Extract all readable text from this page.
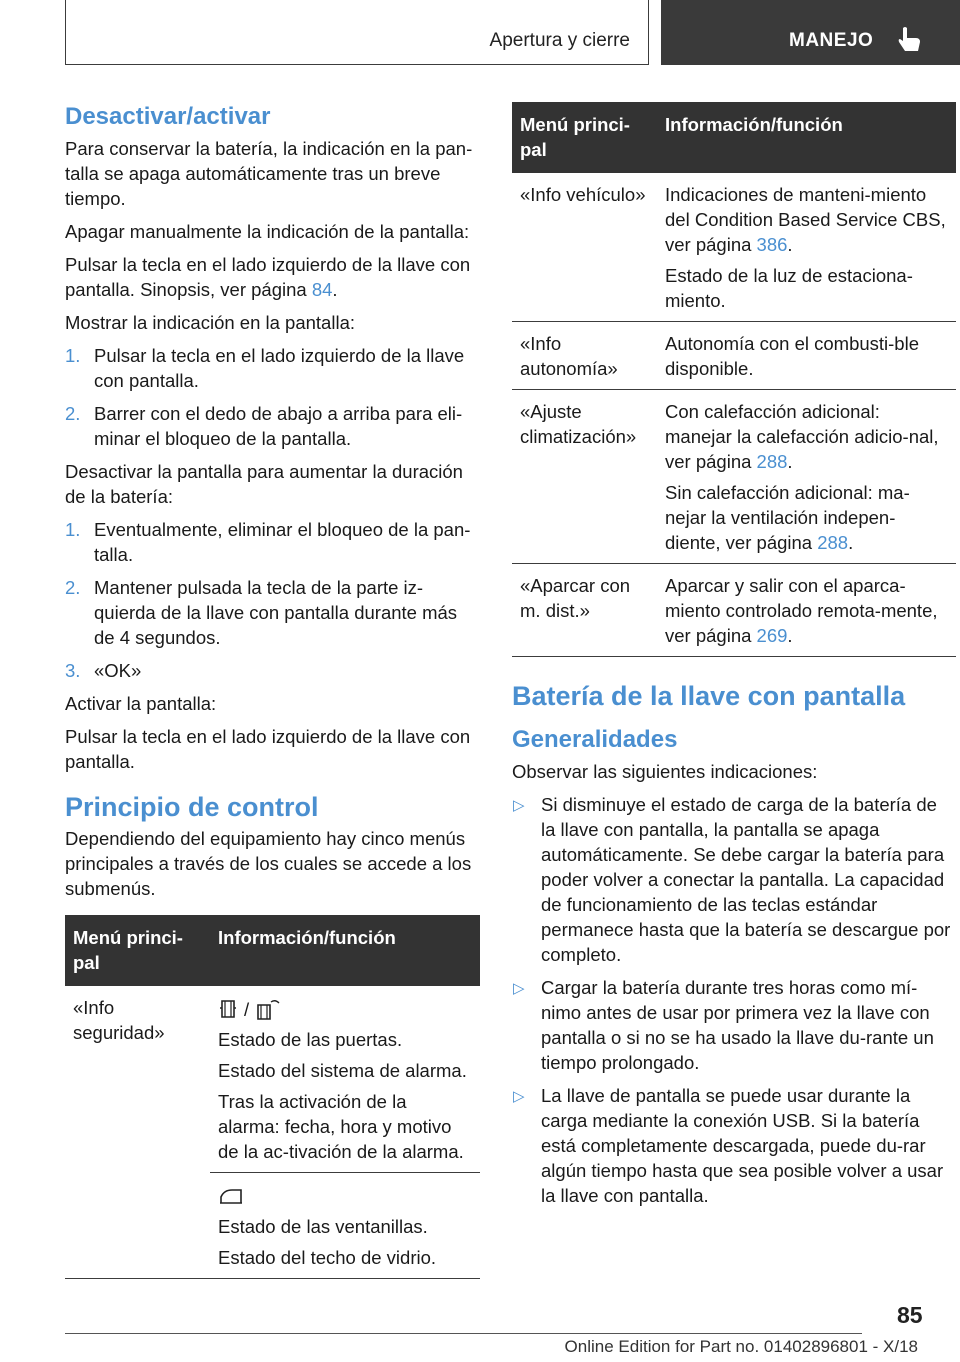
Apertura y cierre	MANEJO
Desactivar/activar

Para conservar la batería, la indicación en la pan-talla se apaga automáticamente tras un breve tiempo.

Apagar manualmente la indicación de la pantalla:

Pulsar la tecla en el lado izquierdo de la llave con pantalla. Sinopsis, ver página 84.

Mostrar la indicación en la pantalla:

1. Pulsar la tecla en el lado izquierdo de la llave con pantalla.
2. Barrer con el dedo de abajo a arriba para eli-minar el bloqueo de la pantalla.

Desactivar la pantalla para aumentar la duración de la batería:

1. Eventualmente, eliminar el bloqueo de la pan-talla.
2. Mantener pulsada la tecla de la parte iz-quierda de la llave con pantalla durante más de 4 segundos.
3. «OK»

Activar la pantalla:

Pulsar la tecla en el lado izquierdo de la llave con pantalla.

Principio de control

Dependiendo del equipamiento hay cinco menús principales a través de los cuales se accede a los submenús.

Menú princi-pal	Información/función
«Info seguridad»	/

Estado de las puertas.

Estado del sistema de alarma.

Tras la activación de la alarma: fecha, hora y motivo de la ac-tivación de la alarma.

	Estado de las ventanillas.

Estado del techo de vidrio.

Menú princi-pal	Información/función
«Info vehículo»	Indicaciones de manteni-miento del Condition Based Service CBS, ver página 386.

Estado de la luz de estaciona-miento.

«Info autonomía»	Autonomía con el combusti-ble disponible.

«Ajuste climatización»	Con calefacción adicional: manejar la calefacción adicio-nal, ver página 288.

Sin calefacción adicional: ma-nejar la ventilación indepen-diente, ver página 288.

«Aparcar con m. dist.»	Aparcar y salir con el aparca-miento controlado remota-mente, ver página 269.

Batería de la llave con pantalla
Generalidades

Observar las siguientes indicaciones:

▷ Si disminuye el estado de carga de la batería de la llave con pantalla, la pantalla se apaga automáticamente. Se debe cargar la batería para poder volver a conectar la pantalla. La capacidad de funcionamiento de las teclas estándar permanece hasta que la batería se descargue por completo.
▷ Cargar la batería durante tres horas como mí-nimo antes de usar por primera vez la llave con pantalla o si no se ha usado la llave du-rante un tiempo prolongado.
▷ La llave de pantalla se puede usar durante la carga mediante la conexión USB. Si la batería está completamente descargada, puede du-rar algún tiempo hasta que sea posible volver a usar la llave con pantalla.
85
Online Edition for Part no. 01402896801 - X/18
